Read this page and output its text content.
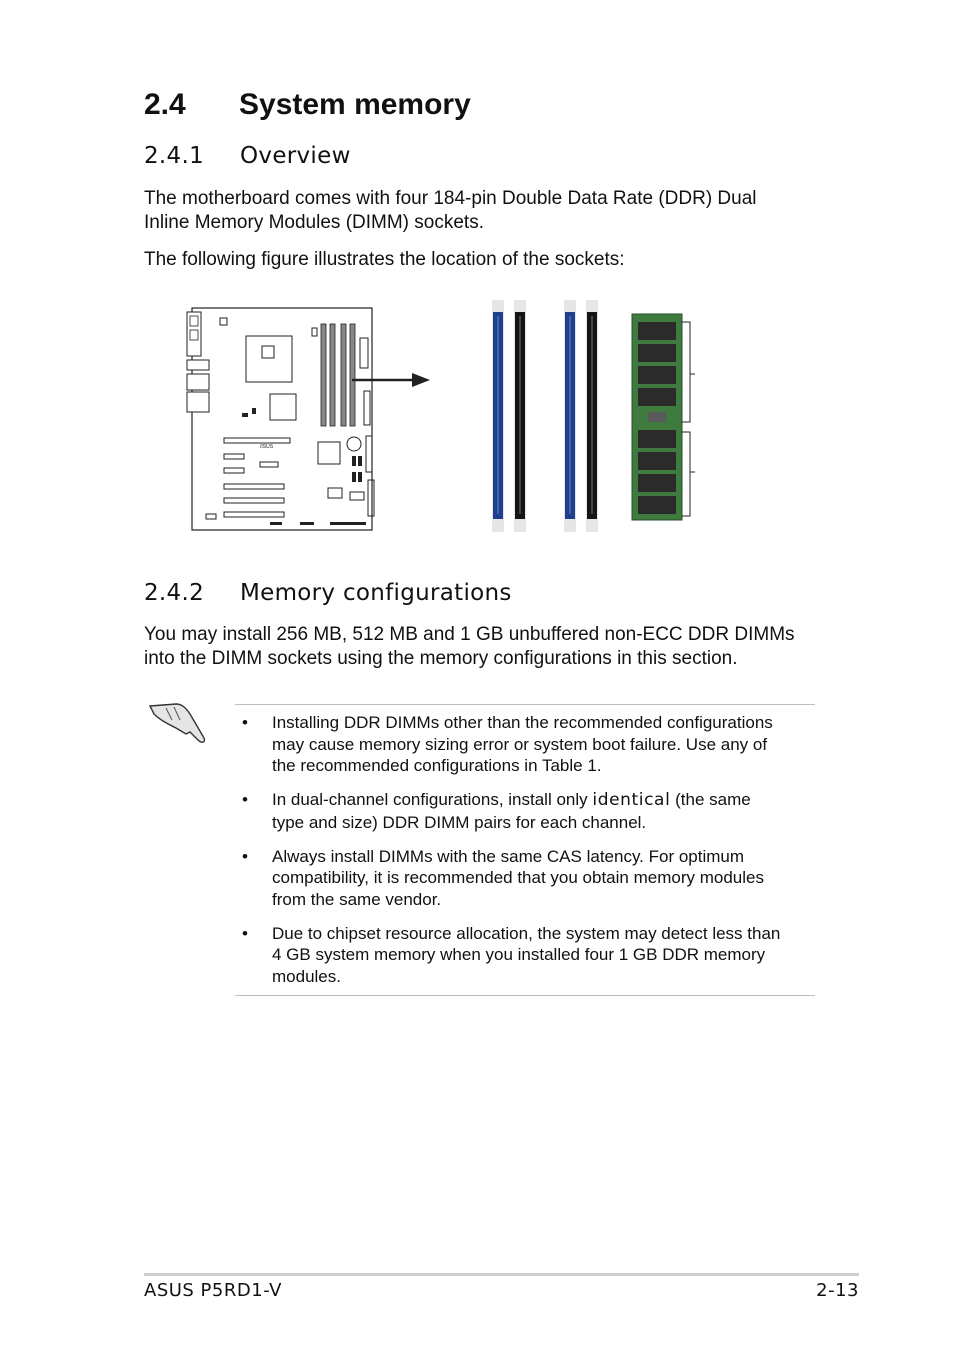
2.4 System memory
2.4.1 Overview

The motherboard comes with four 184-pin Double Data Rate (DDR) Dual
Inline Memory Modules (DIMM) sockets.

The following figure illustrates the location of the sockets:

/ISUS
2.4.2 Memory configurations

You may install 256 MB, 512 MB and 1 GB unbuffered non-ECC DDR DIMMs
into the DIMM sockets using the memory configurations in this section.

• Installing DDR DIMMs other than the recommended configurations
may cause memory sizing error or system boot failure. Use any of
the recommended configurations in Table 1.
• In dual-channel configurations, install only identical (the same
type and size) DDR DIMM pairs for each channel.
• Always install DIMMs with the same CAS latency. For optimum
compatibility, it is recommended that you obtain memory modules
from the same vendor.
• Due to chipset resource allocation, the system may detect less than
4 GB system memory when you installed four 1 GB DDR memory
modules.
ASUS P5RD1-V	2-13
